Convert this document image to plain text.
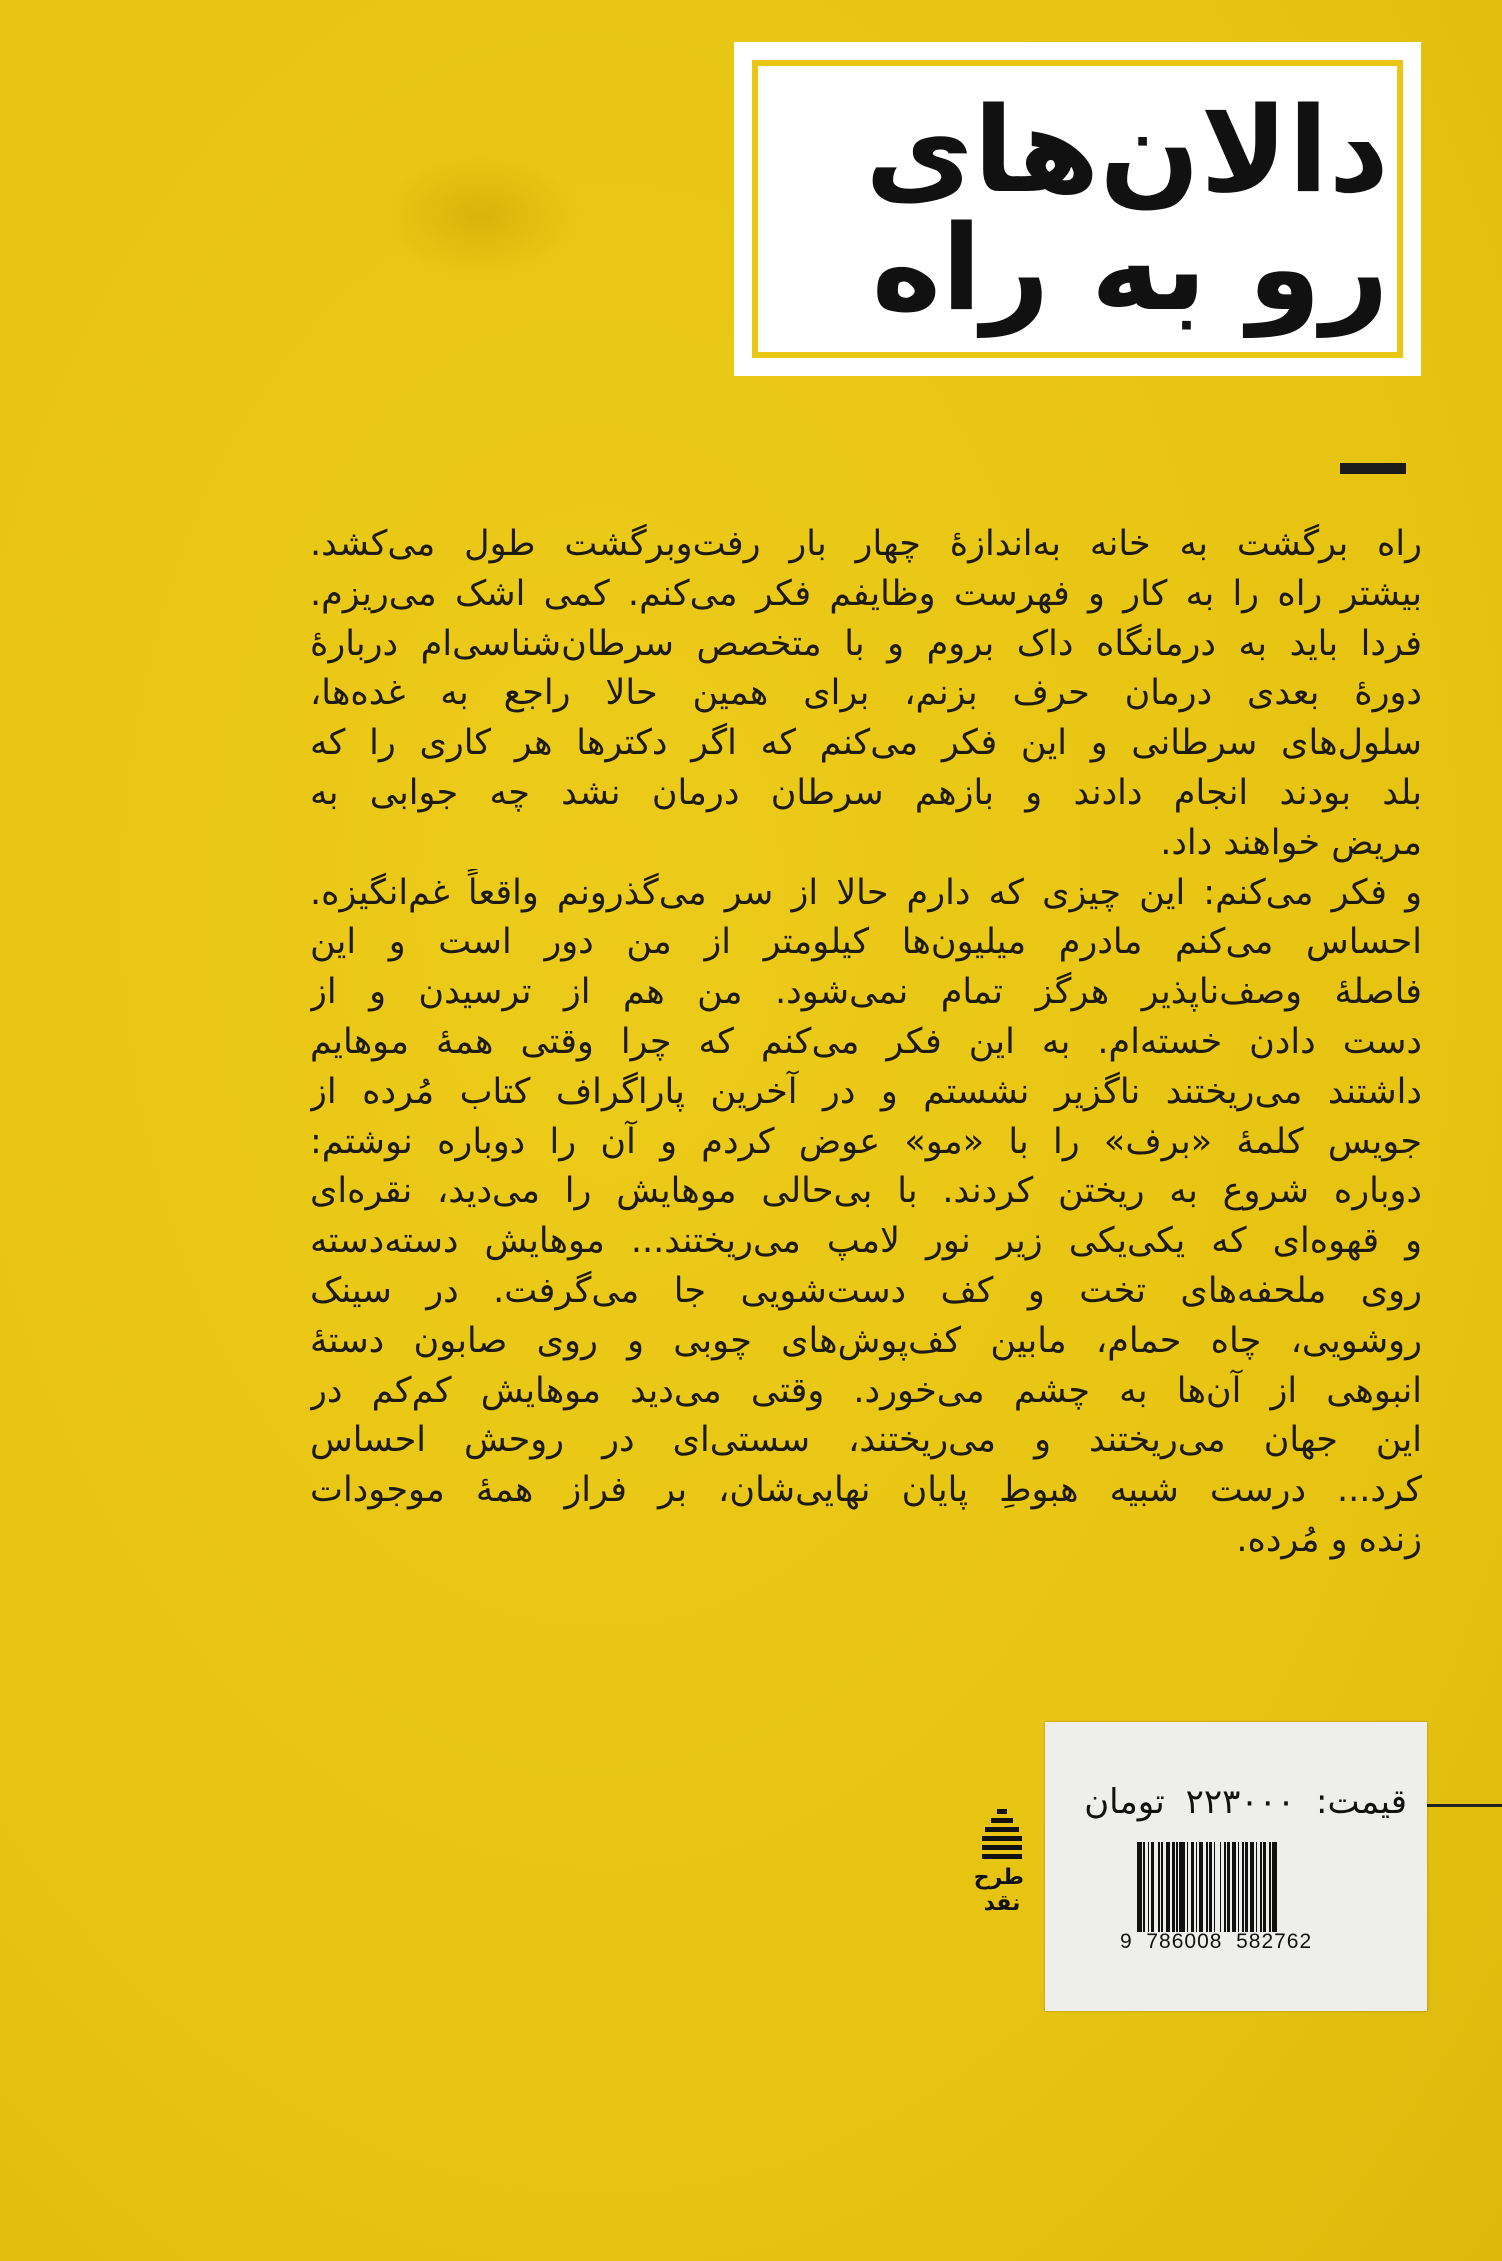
دالان‌های رو به راه
راه برگشت به خانه به‌اندازهٔ چهار بار رفت‌وبرگشت طول می‌کشد.
بیشتر راه را به کار و فهرست وظایفم فکر می‌کنم. کمی اشک می‌ریزم.
فردا باید به درمانگاه داک بروم و با متخصص سرطان‌شناسی‌ام دربارهٔ
دورهٔ بعدی درمان حرف بزنم، برای همین حالا راجع به غده‌ها،
سلول‌های سرطانی و این فکر می‌کنم که اگر دکترها هر کاری را که
بلد بودند انجام دادند و بازهم سرطان درمان نشد چه جوابی به
مریض خواهند داد.
و فکر می‌کنم: این چیزی که دارم حالا از سر می‌گذرونم واقعاً غم‌انگیزه.
احساس می‌کنم مادرم میلیون‌ها کیلومتر از من دور است و این
فاصلهٔ وصف‌ناپذیر هرگز تمام نمی‌شود. من هم از ترسیدن و از
دست دادن خسته‌ام. به این فکر می‌کنم که چرا وقتی همهٔ موهایم
داشتند می‌ریختند ناگزیر نشستم و در آخرین پاراگراف کتاب مُرده از
جویس کلمهٔ «برف» را با «مو» عوض کردم و آن را دوباره نوشتم:
دوباره شروع به ریختن کردند. با بی‌حالی موهایش را می‌دید، نقره‌ای
و قهوه‌ای که یکی‌یکی زیر نور لامپ می‌ریختند... موهایش دسته‌دسته
روی ملحفه‌های تخت و کف دست‌شویی جا می‌گرفت. در سینک
روشویی، چاه حمام، مابین کف‌پوش‌های چوبی و روی صابون دستهٔ
انبوهی از آن‌ها به چشم می‌خورد. وقتی می‌دید موهایش کم‌کم در
این جهان می‌ریختند و می‌ریختند، سستی‌ای در روحش احساس
کرد... درست شبیه هبوطِ پایان نهایی‌شان، بر فراز همهٔ موجودات
زنده و مُرده.
طرح نقد
قیمت: ۲۲۳۰۰۰ تومان
9  786008  582762
